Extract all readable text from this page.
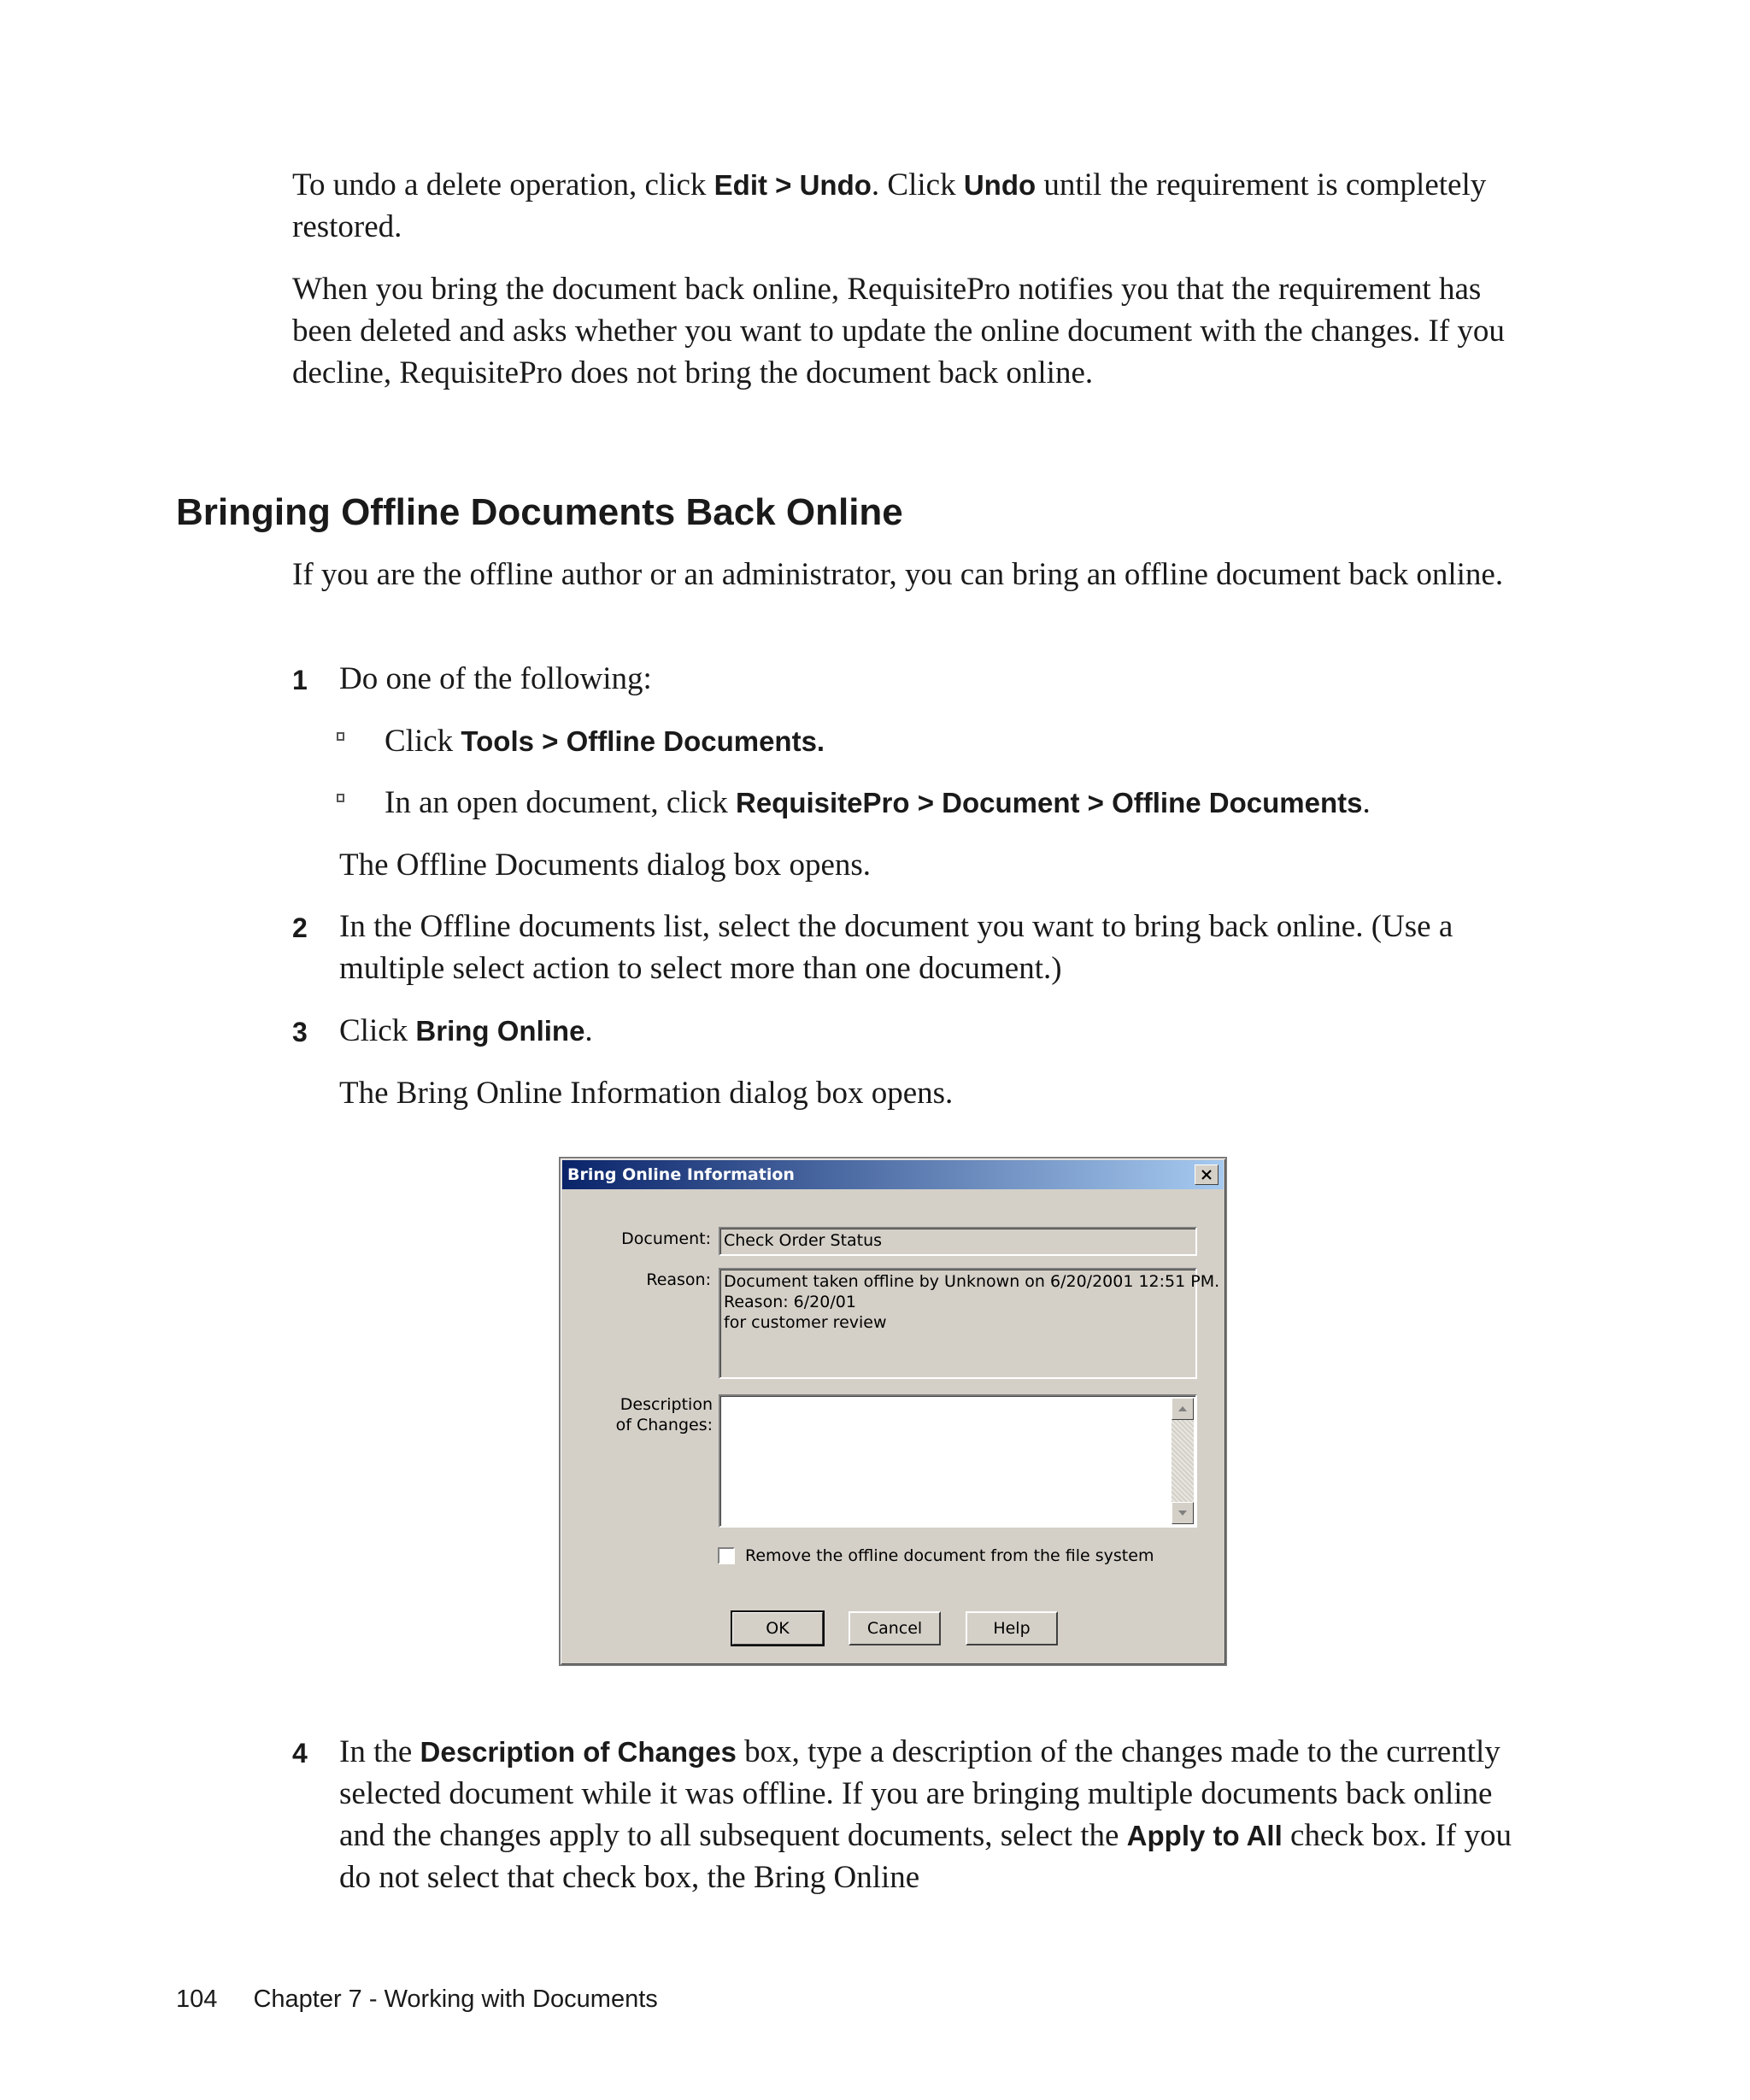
To undo a delete operation, click Edit > Undo. Click Undo until the requirement is completely restored.

When you bring the document back online, RequisitePro notifies you that the requirement has been deleted and asks whether you want to update the online document with the changes. If you decline, RequisitePro does not bring the document back online.

Bringing Offline Documents Back Online

If you are the offline author or an administrator, you can bring an offline document back online.

1 Do one of the following:
Click Tools > Offline Documents.
In an open document, click RequisitePro > Document > Offline Documents.
The Offline Documents dialog box opens.
2 In the Offline documents list, select the document you want to bring back online. (Use a multiple select action to select more than one document.)
3 Click Bring Online.
The Bring Online Information dialog box opens.
Bring Online Information
Document: Check Order Status
Reason: Document taken offline by Unknown on 6/20/2001 12:51 PM.
Reason: 6/20/01
for customer review
Description
of Changes:
Remove the offline document from the file system
OK	Cancel	Help
4 In the Description of Changes box, type a description of the changes made to the currently selected document while it was offline. If you are bringing multiple documents back online and the changes apply to all subsequent documents, select the Apply to All check box. If you do not select that check box, the Bring Online
104 Chapter 7 - Working with Documents
